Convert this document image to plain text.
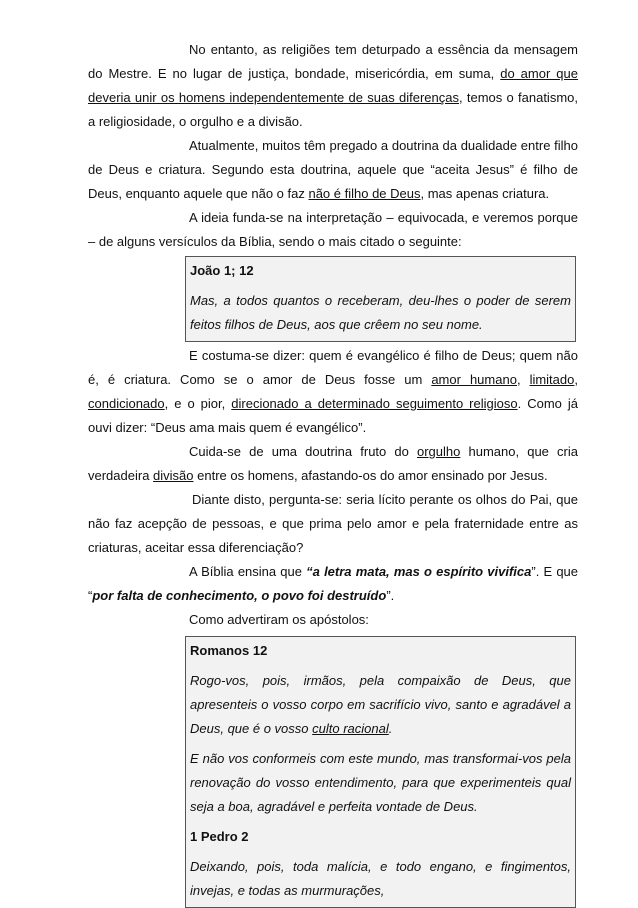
No entanto, as religiões tem deturpado a essência da mensagem do Mestre. E no lugar de justiça, bondade, misericórdia, em suma, do amor que deveria unir os homens independentemente de suas diferenças, temos o fanatismo, a religiosidade, o orgulho e a divisão.

Atualmente, muitos têm pregado a doutrina da dualidade entre filho de Deus e criatura. Segundo esta doutrina, aquele que “aceita Jesus” é filho de Deus, enquanto aquele que não o faz não é filho de Deus, mas apenas criatura.

A ideia funda-se na interpretação – equivocada, e veremos porque – de alguns versículos da Bíblia, sendo o mais citado o seguinte:

João 1; 12

Mas, a todos quantos o receberam, deu-lhes o poder de serem feitos filhos de Deus, aos que crêem no seu nome.

E costuma-se dizer: quem é evangélico é filho de Deus; quem não é, é criatura. Como se o amor de Deus fosse um amor humano, limitado, condicionado, e o pior, direcionado a determinado seguimento religioso. Como já ouvi dizer: “Deus ama mais quem é evangélico”.

Cuida-se de uma doutrina fruto do orgulho humano, que cria verdadeira divisão entre os homens, afastando-os do amor ensinado por Jesus.

Diante disto, pergunta-se: seria lícito perante os olhos do Pai, que não faz acepção de pessoas, e que prima pelo amor e pela fraternidade entre as criaturas, aceitar essa diferenciação?

A Bíblia ensina que “a letra mata, mas o espírito vivifica”. E que “por falta de conhecimento, o povo foi destruído”.

Como advertiram os apóstolos:

Romanos 12

Rogo-vos, pois, irmãos, pela compaixão de Deus, que apresenteis o vosso corpo em sacrifício vivo, santo e agradável a Deus, que é o vosso culto racional.

E não vos conformeis com este mundo, mas transformai-vos pela renovação do vosso entendimento, para que experimenteis qual seja a boa, agradável e perfeita vontade de Deus.

1 Pedro 2

Deixando, pois, toda malícia, e todo engano, e fingimentos, invejas, e todas as murmurações,
